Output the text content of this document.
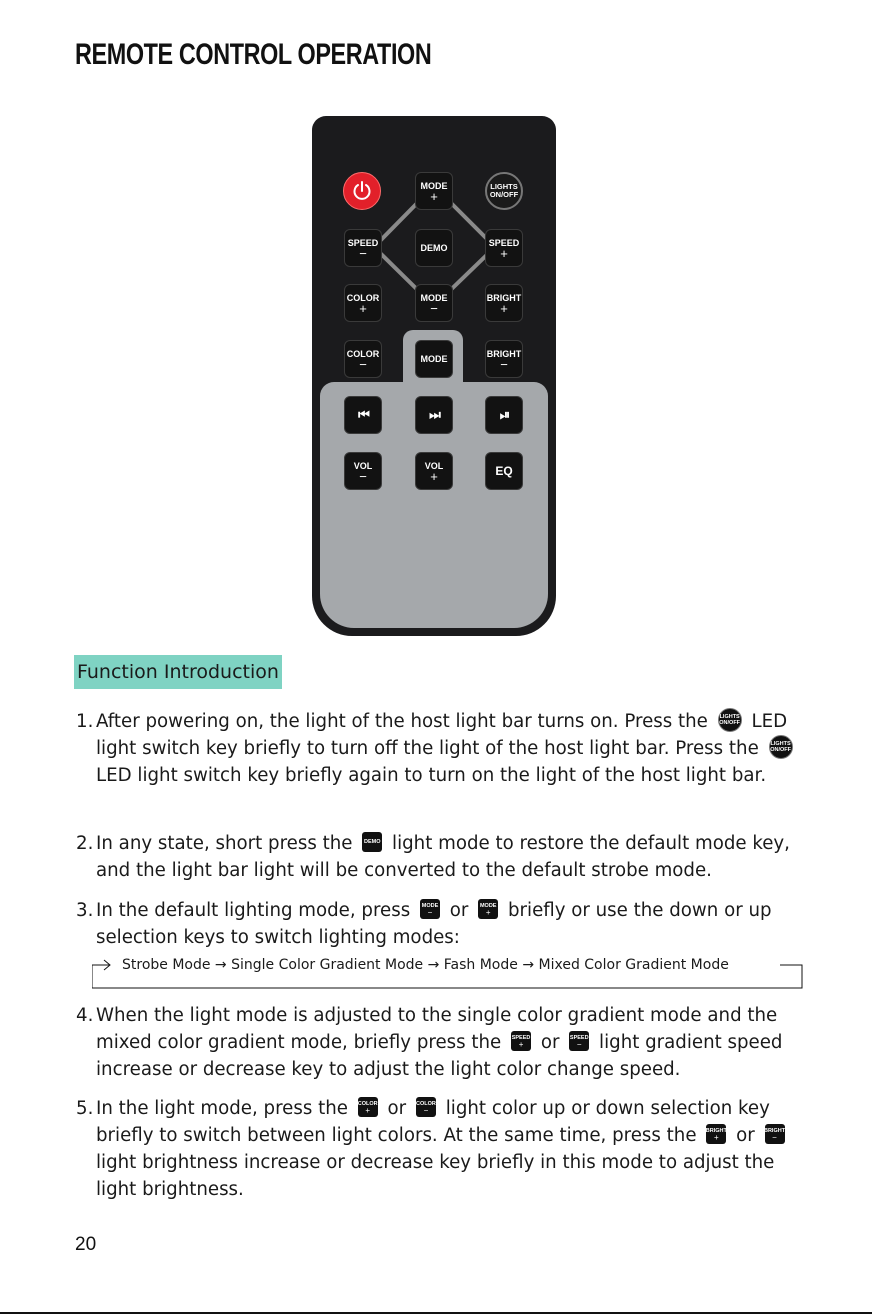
REMOTE CONTROL OPERATION
MODE
+
LIGHTS
ON/OFF
SPEED
−	DEMO
SPEED
+
COLOR
+
MODE
−
BRIGHT
+
COLOR
−	MODE
BRIGHT
−
⏮	⏭	⏯
VOL
−
VOL
+	EQ
Function Introduction
1. After powering on, the light of the host light bar turns on. Press the LIGHTS
ON/OFF LED light switch key briefly to turn off the light of the host light bar. Press the LIGHTS
ON/OFF
LED light switch key briefly again to turn on the light of the host light bar.
2. In any state, short press the DEMO light mode to restore the default mode key, and the light bar light will be converted to the default strobe mode.
3. In the default lighting mode, press MODE
− or MODE
+ briefly or use the down or up selection keys to switch lighting modes:
Strobe Mode → Single Color Gradient Mode → Fash Mode → Mixed Color Gradient Mode
4. When the light mode is adjusted to the single color gradient mode and the mixed color gradient mode, briefly press the SPEED
+ or SPEED
− light gradient speed increase or decrease key to adjust the light color change speed.
5. In the light mode, press the COLOR
+ or COLOR
− light color up or down selection key briefly to switch between light colors. At the same time, press the BRIGHT
+ or BRIGHT
−
light brightness increase or decrease key briefly in this mode to adjust the light brightness.
20
